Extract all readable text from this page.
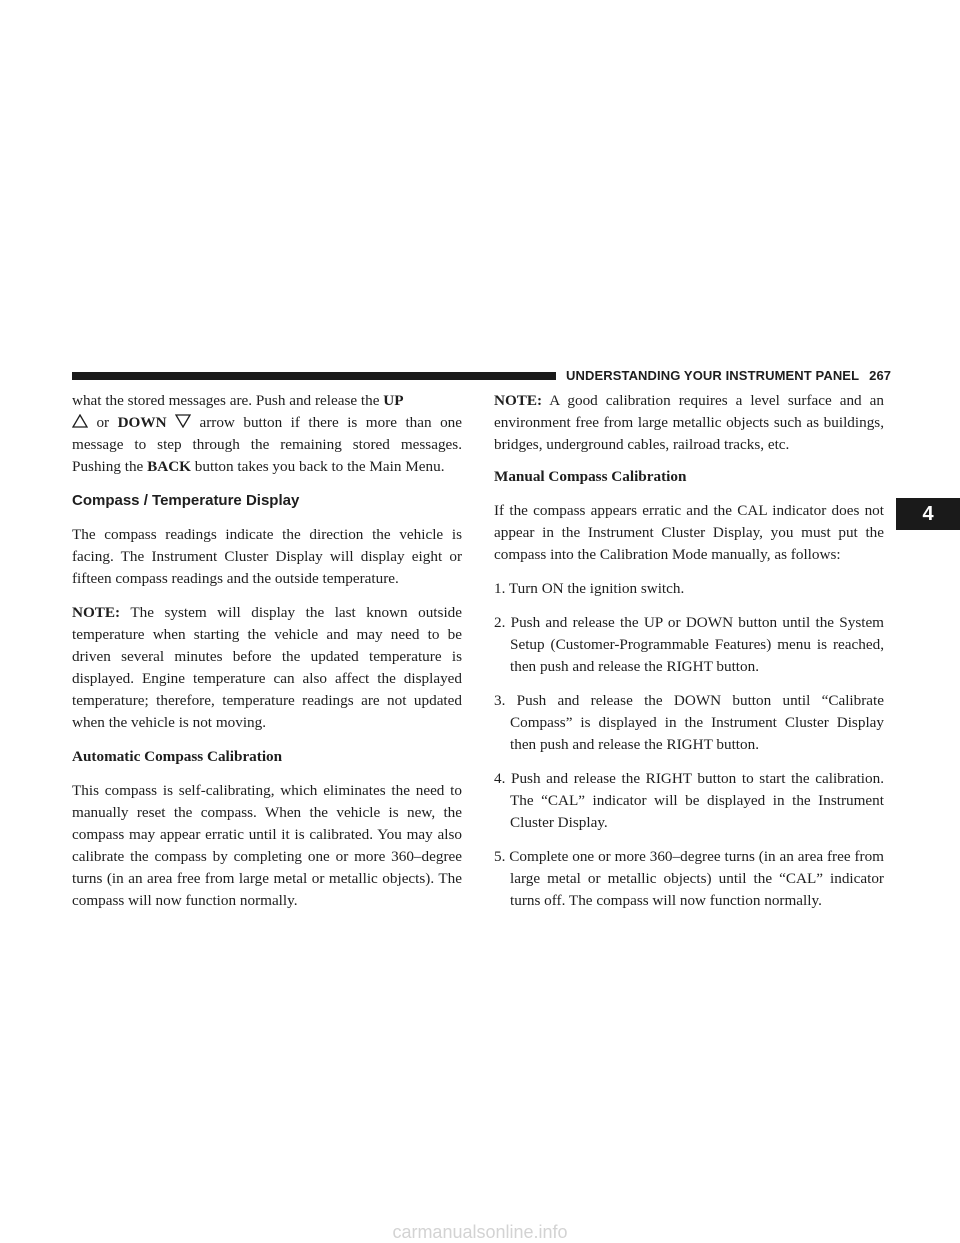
UNDERSTANDING YOUR INSTRUMENT PANEL 267
4

what the stored messages are. Push and release the UP
or DOWN  arrow button if there is more than one message to step through the remaining stored messages. Pushing the BACK button takes you back to the Main Menu.

Compass / Temperature Display

The compass readings indicate the direction the vehicle is facing. The Instrument Cluster Display will display eight or fifteen compass readings and the outside temperature.

NOTE: The system will display the last known outside temperature when starting the vehicle and may need to be driven several minutes before the updated temperature is displayed. Engine temperature can also affect the displayed temperature; therefore, temperature readings are not updated when the vehicle is not moving.

Automatic Compass Calibration

This compass is self-calibrating, which eliminates the need to manually reset the compass. When the vehicle is new, the compass may appear erratic until it is calibrated. You may also calibrate the compass by completing one or more 360–degree turns (in an area free from large metal or metallic objects). The compass will now function normally.

NOTE: A good calibration requires a level surface and an environment free from large metallic objects such as buildings, bridges, underground cables, railroad tracks, etc.

Manual Compass Calibration

If the compass appears erratic and the CAL indicator does not appear in the Instrument Cluster Display, you must put the compass into the Calibration Mode manually, as follows:

1. Turn ON the ignition switch.
2. Push and release the UP or DOWN button until the System Setup (Customer-Programmable Features) menu is reached, then push and release the RIGHT button.
3. Push and release the DOWN button until “Calibrate Compass” is displayed in the Instrument Cluster Display then push and release the RIGHT button.
4. Push and release the RIGHT button to start the calibration. The “CAL” indicator will be displayed in the Instrument Cluster Display.
5. Complete one or more 360–degree turns (in an area free from large metal or metallic objects) until the “CAL” indicator turns off. The compass will now function normally.
carmanualsonline.info
